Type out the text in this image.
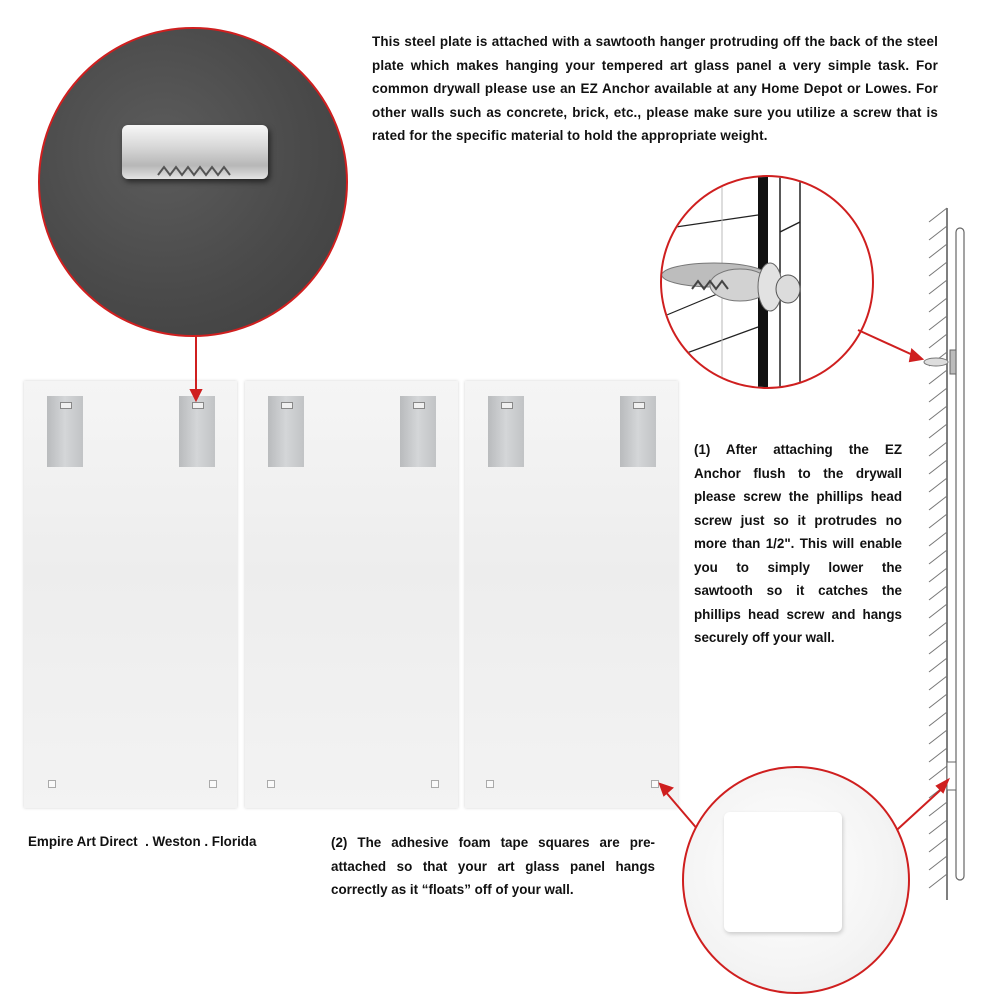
This steel plate is attached with a sawtooth hanger protruding off the back of the steel plate which makes hanging your tempered art glass panel a very simple task. For common drywall please use an EZ Anchor available at any Home Depot or Lowes. For other walls such as concrete, brick, etc., please make sure you utilize a screw that is rated for the specific material to hold the appropriate weight.
(1) After attaching the EZ Anchor flush to the drywall please screw the phillips head screw just so it protrudes no more than 1/2". This will enable you to simply lower the sawtooth so it catches the phillips head screw and hangs securely off your wall.
(2) The adhesive foam tape squares are pre-attached so that your art glass panel hangs correctly as it “floats” off of your wall.
Empire Art Direct  . Weston . Florida
